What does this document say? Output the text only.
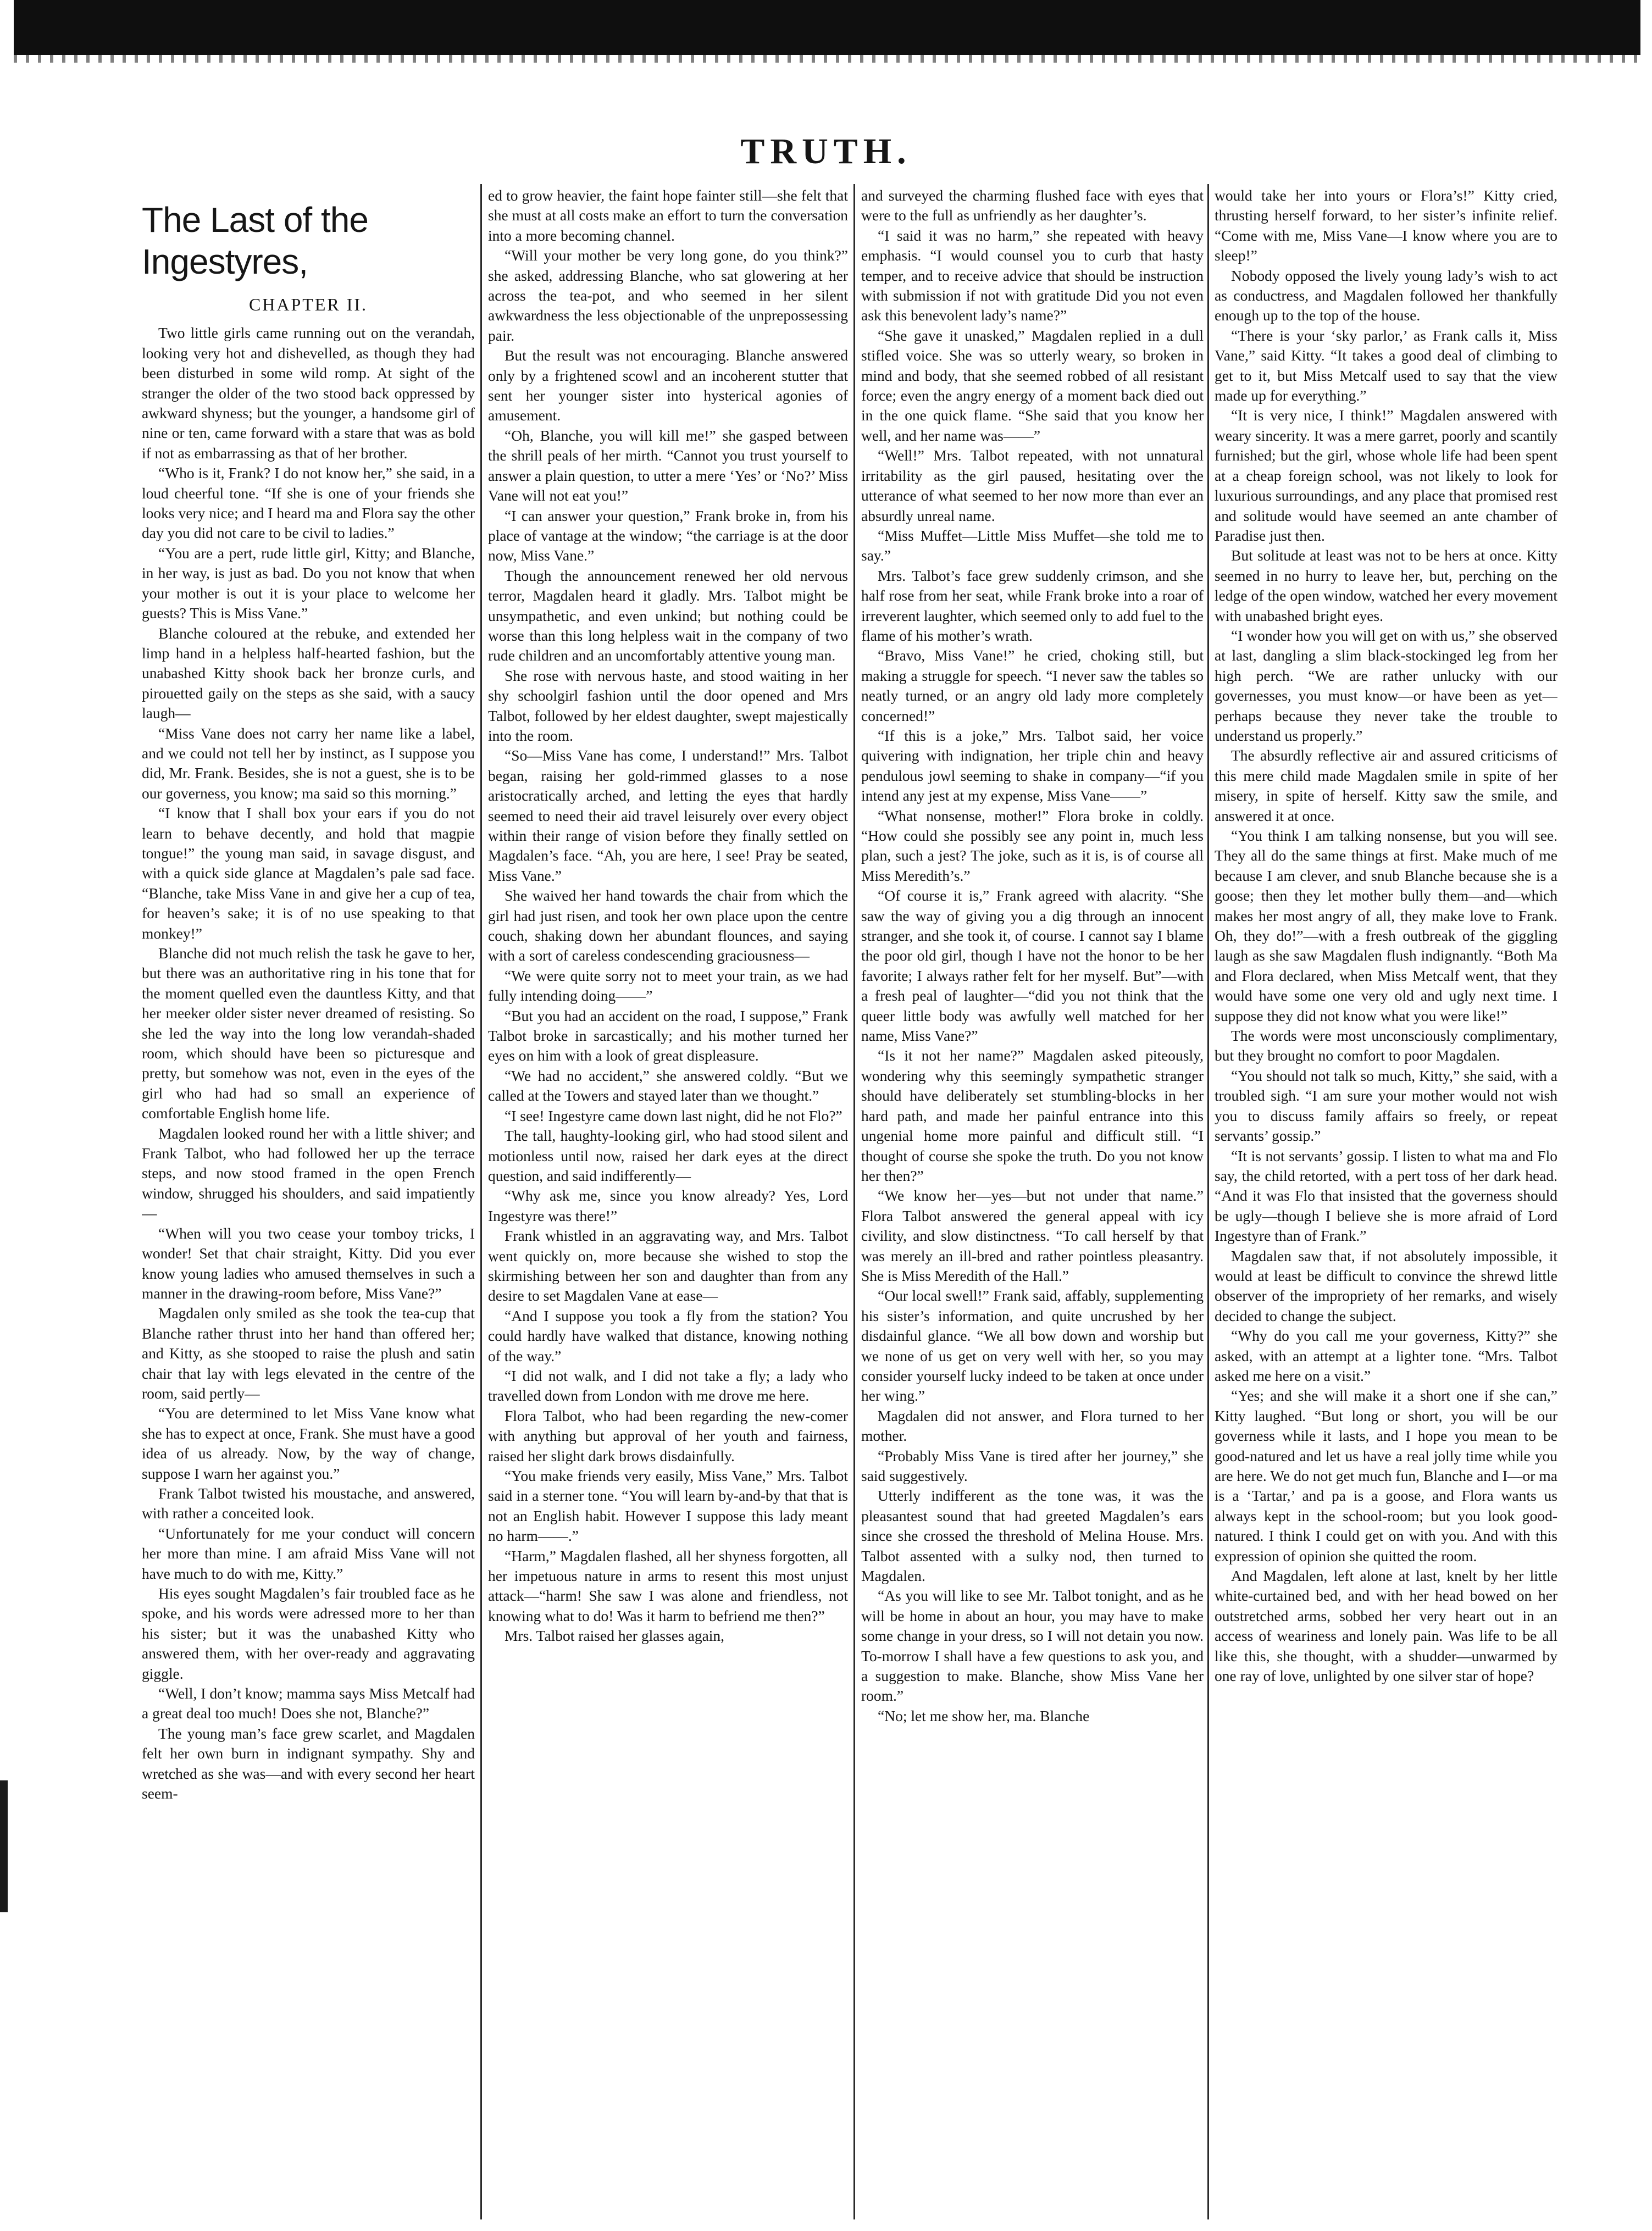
TRUTH.
The Last of the Ingestyres,
CHAPTER II.

Two little girls came running out on the verandah, looking very hot and dishevelled, as though they had been disturbed in some wild romp. At sight of the stranger the older of the two stood back oppressed by awkward shyness; but the younger, a handsome girl of nine or ten, came forward with a stare that was as bold if not as embarrassing as that of her brother.

“Who is it, Frank? I do not know her,” she said, in a loud cheerful tone. “If she is one of your friends she looks very nice; and I heard ma and Flora say the other day you did not care to be civil to ladies.”

“You are a pert, rude little girl, Kitty; and Blanche, in her way, is just as bad. Do you not know that when your mother is out it is your place to welcome her guests? This is Miss Vane.”

Blanche coloured at the rebuke, and extended her limp hand in a helpless half-hearted fashion, but the unabashed Kitty shook back her bronze curls, and pirouetted gaily on the steps as she said, with a saucy laugh—

“Miss Vane does not carry her name like a label, and we could not tell her by instinct, as I suppose you did, Mr. Frank. Besides, she is not a guest, she is to be our governess, you know; ma said so this morning.”

“I know that I shall box your ears if you do not learn to behave decently, and hold that magpie tongue!” the young man said, in savage disgust, and with a quick side glance at Magdalen’s pale sad face. “Blanche, take Miss Vane in and give her a cup of tea, for heaven’s sake; it is of no use speaking to that monkey!”

Blanche did not much relish the task he gave to her, but there was an authoritative ring in his tone that for the moment quelled even the dauntless Kitty, and that her meeker older sister never dreamed of resisting. So she led the way into the long low verandah-shaded room, which should have been so picturesque and pretty, but somehow was not, even in the eyes of the girl who had had so small an experience of comfortable English home life.

Magdalen looked round her with a little shiver; and Frank Talbot, who had followed her up the terrace steps, and now stood framed in the open French window, shrugged his shoulders, and said impatiently—

“When will you two cease your tomboy tricks, I wonder! Set that chair straight, Kitty. Did you ever know young ladies who amused themselves in such a manner in the drawing-room before, Miss Vane?”

Magdalen only smiled as she took the tea-cup that Blanche rather thrust into her hand than offered her; and Kitty, as she stooped to raise the plush and satin chair that lay with legs elevated in the centre of the room, said pertly—

“You are determined to let Miss Vane know what she has to expect at once, Frank. She must have a good idea of us already. Now, by the way of change, suppose I warn her against you.”

Frank Talbot twisted his moustache, and answered, with rather a conceited look.

“Unfortunately for me your conduct will concern her more than mine. I am afraid Miss Vane will not have much to do with me, Kitty.”

His eyes sought Magdalen’s fair troubled face as he spoke, and his words were adressed more to her than his sister; but it was the unabashed Kitty who answered them, with her over-ready and aggravating giggle.

“Well, I don’t know; mamma says Miss Metcalf had a great deal too much! Does she not, Blanche?”

The young man’s face grew scarlet, and Magdalen felt her own burn in indignant sympathy. Shy and wretched as she was—and with every second her heart seem-

ed to grow heavier, the faint hope fainter still—she felt that she must at all costs make an effort to turn the conversation into a more becoming channel.

“Will your mother be very long gone, do you think?” she asked, addressing Blanche, who sat glowering at her across the tea-pot, and who seemed in her silent awkwardness the less objectionable of the unprepossessing pair.

But the result was not encouraging. Blanche answered only by a frightened scowl and an incoherent stutter that sent her younger sister into hysterical agonies of amusement.

“Oh, Blanche, you will kill me!” she gasped between the shrill peals of her mirth. “Cannot you trust yourself to answer a plain question, to utter a mere ‘Yes’ or ‘No?’ Miss Vane will not eat you!”

“I can answer your question,” Frank broke in, from his place of vantage at the window; “the carriage is at the door now, Miss Vane.”

Though the announcement renewed her old nervous terror, Magdalen heard it gladly. Mrs. Talbot might be unsympathetic, and even unkind; but nothing could be worse than this long helpless wait in the company of two rude children and an uncomfortably attentive young man.

She rose with nervous haste, and stood waiting in her shy schoolgirl fashion until the door opened and Mrs Talbot, followed by her eldest daughter, swept majestically into the room.

“So—Miss Vane has come, I understand!” Mrs. Talbot began, raising her gold-rimmed glasses to a nose aristocratically arched, and letting the eyes that hardly seemed to need their aid travel leisurely over every object within their range of vision before they finally settled on Magdalen’s face. “Ah, you are here, I see! Pray be seated, Miss Vane.”

She waived her hand towards the chair from which the girl had just risen, and took her own place upon the centre couch, shaking down her abundant flounces, and saying with a sort of careless condescending graciousness—

“We were quite sorry not to meet your train, as we had fully intending doing——”

“But you had an accident on the road, I suppose,” Frank Talbot broke in sarcastically; and his mother turned her eyes on him with a look of great displeasure.

“We had no accident,” she answered coldly. “But we called at the Towers and stayed later than we thought.”

“I see! Ingestyre came down last night, did he not Flo?”

The tall, haughty-looking girl, who had stood silent and motionless until now, raised her dark eyes at the direct question, and said indifferently—

“Why ask me, since you know already? Yes, Lord Ingestyre was there!”

Frank whistled in an aggravating way, and Mrs. Talbot went quickly on, more because she wished to stop the skirmishing between her son and daughter than from any desire to set Magdalen Vane at ease—

“And I suppose you took a fly from the station? You could hardly have walked that distance, knowing nothing of the way.”

“I did not walk, and I did not take a fly; a lady who travelled down from London with me drove me here.

Flora Talbot, who had been regarding the new-comer with anything but approval of her youth and fairness, raised her slight dark brows disdainfully.

“You make friends very easily, Miss Vane,” Mrs. Talbot said in a sterner tone. “You will learn by-and-by that that is not an English habit. However I suppose this lady meant no harm——.”

“Harm,” Magdalen flashed, all her shyness forgotten, all her impetuous nature in arms to resent this most unjust attack—“harm! She saw I was alone and friendless, not knowing what to do! Was it harm to befriend me then?”

Mrs. Talbot raised her glasses again,

and surveyed the charming flushed face with eyes that were to the full as unfriendly as her daughter’s.

“I said it was no harm,” she repeated with heavy emphasis. “I would counsel you to curb that hasty temper, and to receive advice that should be instruction with submission if not with gratitude Did you not even ask this benevolent lady’s name?”

“She gave it unasked,” Magdalen replied in a dull stifled voice. She was so utterly weary, so broken in mind and body, that she seemed robbed of all resistant force; even the angry energy of a moment back died out in the one quick flame. “She said that you know her well, and her name was——”

“Well!” Mrs. Talbot repeated, with not unnatural irritability as the girl paused, hesitating over the utterance of what seemed to her now more than ever an absurdly unreal name.

“Miss Muffet—Little Miss Muffet—she told me to say.”

Mrs. Talbot’s face grew suddenly crimson, and she half rose from her seat, while Frank broke into a roar of irreverent laughter, which seemed only to add fuel to the flame of his mother’s wrath.

“Bravo, Miss Vane!” he cried, choking still, but making a struggle for speech. “I never saw the tables so neatly turned, or an angry old lady more completely concerned!”

“If this is a joke,” Mrs. Talbot said, her voice quivering with indignation, her triple chin and heavy pendulous jowl seeming to shake in company—“if you intend any jest at my expense, Miss Vane——”

“What nonsense, mother!” Flora broke in coldly. “How could she possibly see any point in, much less plan, such a jest? The joke, such as it is, is of course all Miss Meredith’s.”

“Of course it is,” Frank agreed with alacrity. “She saw the way of giving you a dig through an innocent stranger, and she took it, of course. I cannot say I blame the poor old girl, though I have not the honor to be her favorite; I always rather felt for her myself. But”—with a fresh peal of laughter—“did you not think that the queer little body was awfully well matched for her name, Miss Vane?”

“Is it not her name?” Magdalen asked piteously, wondering why this seemingly sympathetic stranger should have deliberately set stumbling-blocks in her hard path, and made her painful entrance into this ungenial home more painful and difficult still. “I thought of course she spoke the truth. Do you not know her then?”

“We know her—yes—but not under that name.” Flora Talbot answered the general appeal with icy civility, and slow distinctness. “To call herself by that was merely an ill-bred and rather pointless pleasantry. She is Miss Meredith of the Hall.”

“Our local swell!” Frank said, affably, supplementing his sister’s information, and quite uncrushed by her disdainful glance. “We all bow down and worship but we none of us get on very well with her, so you may consider yourself lucky indeed to be taken at once under her wing.”

Magdalen did not answer, and Flora turned to her mother.

“Probably Miss Vane is tired after her journey,” she said suggestively.

Utterly indifferent as the tone was, it was the pleasantest sound that had greeted Magdalen’s ears since she crossed the threshold of Melina House. Mrs. Talbot assented with a sulky nod, then turned to Magdalen.

“As you will like to see Mr. Talbot tonight, and as he will be home in about an hour, you may have to make some change in your dress, so I will not detain you now. To-morrow I shall have a few questions to ask you, and a suggestion to make. Blanche, show Miss Vane her room.”

“No; let me show her, ma. Blanche

would take her into yours or Flora’s!” Kitty cried, thrusting herself forward, to her sister’s infinite relief. “Come with me, Miss Vane—I know where you are to sleep!”

Nobody opposed the lively young lady’s wish to act as conductress, and Magdalen followed her thankfully enough up to the top of the house.

“There is your ‘sky parlor,’ as Frank calls it, Miss Vane,” said Kitty. “It takes a good deal of climbing to get to it, but Miss Metcalf used to say that the view made up for everything.”

“It is very nice, I think!” Magdalen answered with weary sincerity. It was a mere garret, poorly and scantily furnished; but the girl, whose whole life had been spent at a cheap foreign school, was not likely to look for luxurious surroundings, and any place that promised rest and solitude would have seemed an ante chamber of Paradise just then.

But solitude at least was not to be hers at once. Kitty seemed in no hurry to leave her, but, perching on the ledge of the open window, watched her every movement with unabashed bright eyes.

“I wonder how you will get on with us,” she observed at last, dangling a slim black-stockinged leg from her high perch. “We are rather unlucky with our governesses, you must know—or have been as yet—perhaps because they never take the trouble to understand us properly.”

The absurdly reflective air and assured criticisms of this mere child made Magdalen smile in spite of her misery, in spite of herself. Kitty saw the smile, and answered it at once.

“You think I am talking nonsense, but you will see. They all do the same things at first. Make much of me because I am clever, and snub Blanche because she is a goose; then they let mother bully them—and—which makes her most angry of all, they make love to Frank. Oh, they do!”—with a fresh outbreak of the giggling laugh as she saw Magdalen flush indignantly. “Both Ma and Flora declared, when Miss Metcalf went, that they would have some one very old and ugly next time. I suppose they did not know what you were like!”

The words were most unconsciously complimentary, but they brought no comfort to poor Magdalen.

“You should not talk so much, Kitty,” she said, with a troubled sigh. “I am sure your mother would not wish you to discuss family affairs so freely, or repeat servants’ gossip.”

“It is not servants’ gossip. I listen to what ma and Flo say, the child retorted, with a pert toss of her dark head. “And it was Flo that insisted that the governess should be ugly—though I believe she is more afraid of Lord Ingestyre than of Frank.”

Magdalen saw that, if not absolutely impossible, it would at least be difficult to convince the shrewd little observer of the impropriety of her remarks, and wisely decided to change the subject.

“Why do you call me your governess, Kitty?” she asked, with an attempt at a lighter tone. “Mrs. Talbot asked me here on a visit.”

“Yes; and she will make it a short one if she can,” Kitty laughed. “But long or short, you will be our governess while it lasts, and I hope you mean to be good-natured and let us have a real jolly time while you are here. We do not get much fun, Blanche and I—or ma is a ‘Tartar,’ and pa is a goose, and Flora wants us always kept in the school-room; but you look good-natured. I think I could get on with you. And with this expression of opinion she quitted the room.

And Magdalen, left alone at last, knelt by her little white-curtained bed, and with her head bowed on her outstretched arms, sobbed her very heart out in an access of weariness and lonely pain. Was life to be all like this, she thought, with a shudder—unwarmed by one ray of love, unlighted by one silver star of hope?
